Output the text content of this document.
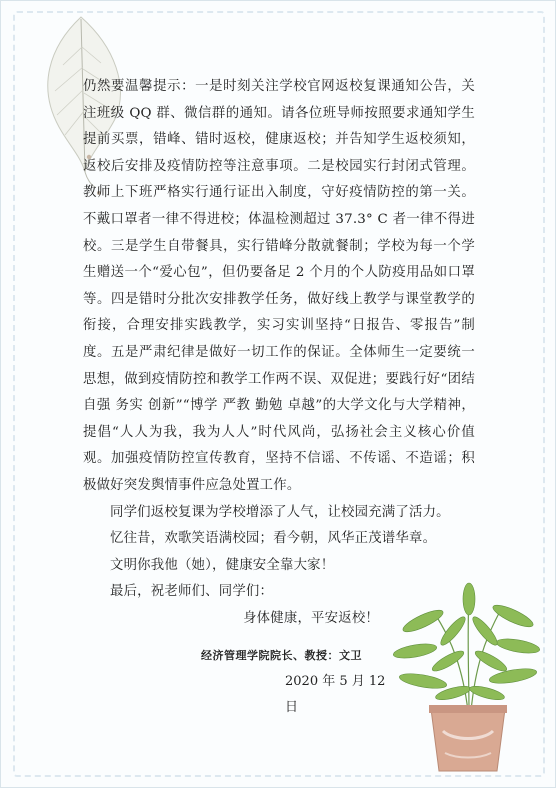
仍然要温馨提示：一是时刻关注学校官网返校复课通知公告，关注班级 QQ 群、微信群的通知。请各位班导师按照要求通知学生提前买票，错峰、错时返校，健康返校；并告知学生返校须知，返校后安排及疫情防控等注意事项。二是校园实行封闭式管理。教师上下班严格实行通行证出入制度，守好疫情防控的第一关。不戴口罩者一律不得进校；体温检测超过 37.3° C 者一律不得进校。三是学生自带餐具，实行错峰分散就餐制；学校为每一个学生赠送一个“爱心包”，但仍要备足 2 个月的个人防疫用品如口罩等。四是错时分批次安排教学任务，做好线上教学与课堂教学的衔接，合理安排实践教学，实习实训坚持“日报告、零报告”制度。五是严肃纪律是做好一切工作的保证。全体师生一定要统一思想，做到疫情防控和教学工作两不误、双促进；要践行好“团结 自强 务实 创新”“博学 严教 勤勉 卓越”的大学文化与大学精神，提倡“人人为我，我为人人”时代风尚，弘扬社会主义核心价值观。加强疫情防控宣传教育，坚持不信谣、不传谣、不造谣；积极做好突发舆情事件应急处置工作。

同学们返校复课为学校增添了人气，让校园充满了活力。

忆往昔，欢歌笑语满校园；看今朝，风华正茂谱华章。

文明你我他（她），健康安全靠大家！

最后，祝老师们、同学们：

身体健康，平安返校！

经济管理学院院长、教授：文卫
2020 年 5 月 12 日
